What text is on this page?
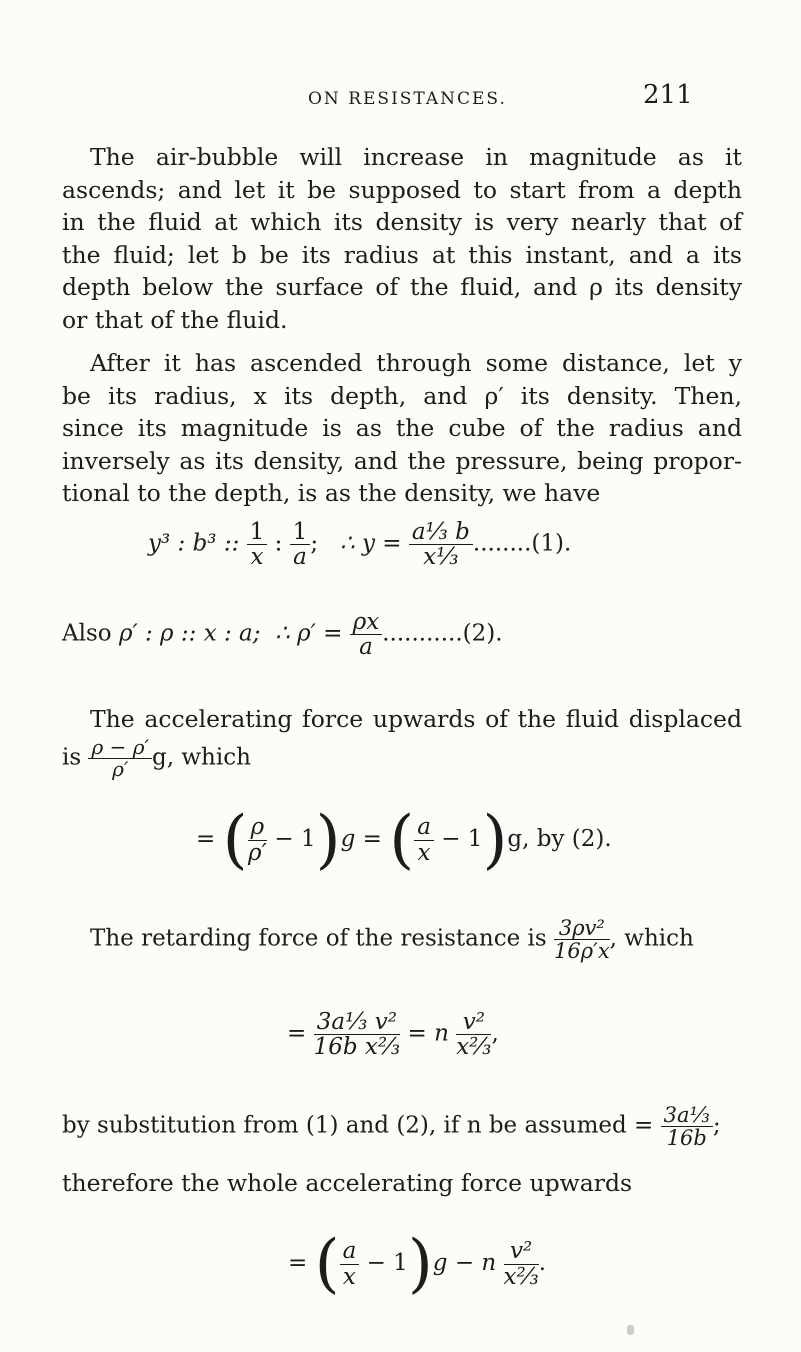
ON RESISTANCES.	211
The air-bubble will increase in magnitude as it
ascends; and let it be supposed to start from a depth
in the fluid at which its density is very nearly that of
the fluid; let b be its radius at this instant, and a its
depth below the surface of the fluid, and ρ its density
or that of the fluid.
After it has ascended through some distance, let y
be its radius, x its depth, and ρ′ its density. Then,
since its magnitude is as the cube of the radius and
inversely as its density, and the pressure, being propor-
tional to the depth, is as the density, we have
y³ : b³ :: $\frac{1}{x}$ : $\frac{1}{a}$ ; ∴ $y = \frac{\text{a⅓ b}}{\text{x⅓}} ........(1)$.
Also ρ′ : ρ :: x : a; ∴ $\rho' = \frac{\rho x}{a} ...........(2)$.
The accelerating force upwards of the fluid displaced
is $\frac{\rho - \rho'}{\rho'} g$, which
= ( $\frac{\rho}{\rho'} - 1)g$ = ( $\frac{a}{x} - 1)g$, by (2).
The retarding force of the resistance is $\frac{\text{3ρv²}}{16\rho'x}$ , which
= $\frac{\text{3a⅓ v²}}{\text{16b x⅔}} = n \frac{\text{v²}}{\text{x⅔}}$ ,
by substitution from (1) and (2), if n be assumed = $\frac{\text{3a⅓}}{16b}$ ;
therefore the whole accelerating force upwards
= ( $\frac{a}{x} - 1)g - n \frac{\text{v²}}{\text{x⅔}}$ .
